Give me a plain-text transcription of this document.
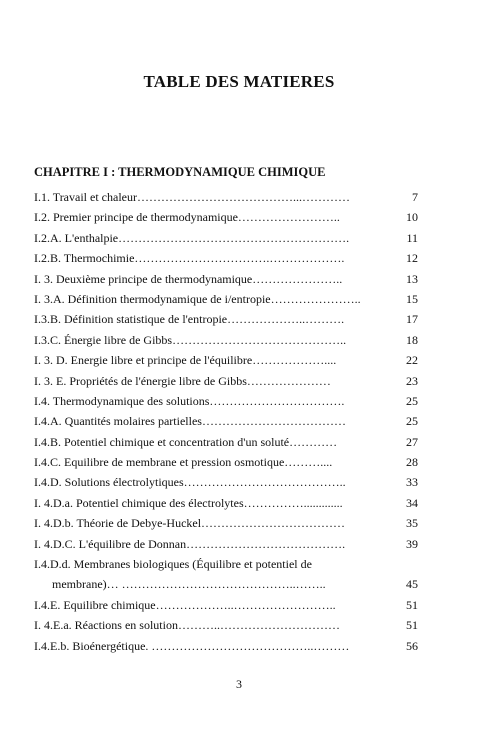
TABLE DES MATIERES
CHAPITRE I : THERMODYNAMIQUE CHIMIQUE
I.1. Travail et chaleur…………………………………...…………	7
I.2. Premier principe de thermodynamique……………………..	10
I.2.A. L'enthalpie………………………………………………….	11
I.2.B. Thermochimie…………………………….……………….	12
I. 3. Deuxième principe de thermodynamique…………………..	13
I. 3.A. Définition thermodynamique de i/entropie…………………..	15
I.3.B. Définition statistique de l'entropie………………..……….	17
I.3.C. Énergie libre de Gibbs……………………………………..	18
I. 3. D. Energie libre et principe de l'équilibre………………....	22
I. 3. E. Propriétés de l'énergie libre de Gibbs…………………	23
I.4. Thermodynamique des solutions…………………………….	25
I.4.A. Quantités molaires partielles………………………………	25
I.4.B. Potentiel chimique et concentration d'un soluté…………	27
I.4.C. Equilibre de membrane et pression osmotique………....	28
I.4.D. Solutions électrolytiques…………………………………..	33
I. 4.D.a. Potentiel chimique des électrolytes…………….............	34
I. 4.D.b. Théorie de Debye-Huckel………………………………	35
I. 4.D.C. L'équilibre de Donnan………………………………….	39
I.4.D.d. Membranes biologiques (Équilibre et potentiel de
membrane)… ……………………………………..……..	45
I.4.E. Equilibre chimique………………..……………………..	51
I. 4.E.a. Réactions en solution………..…………………………	51
I.4.E.b. Bioénergétique. …………………………………..………	56
3
